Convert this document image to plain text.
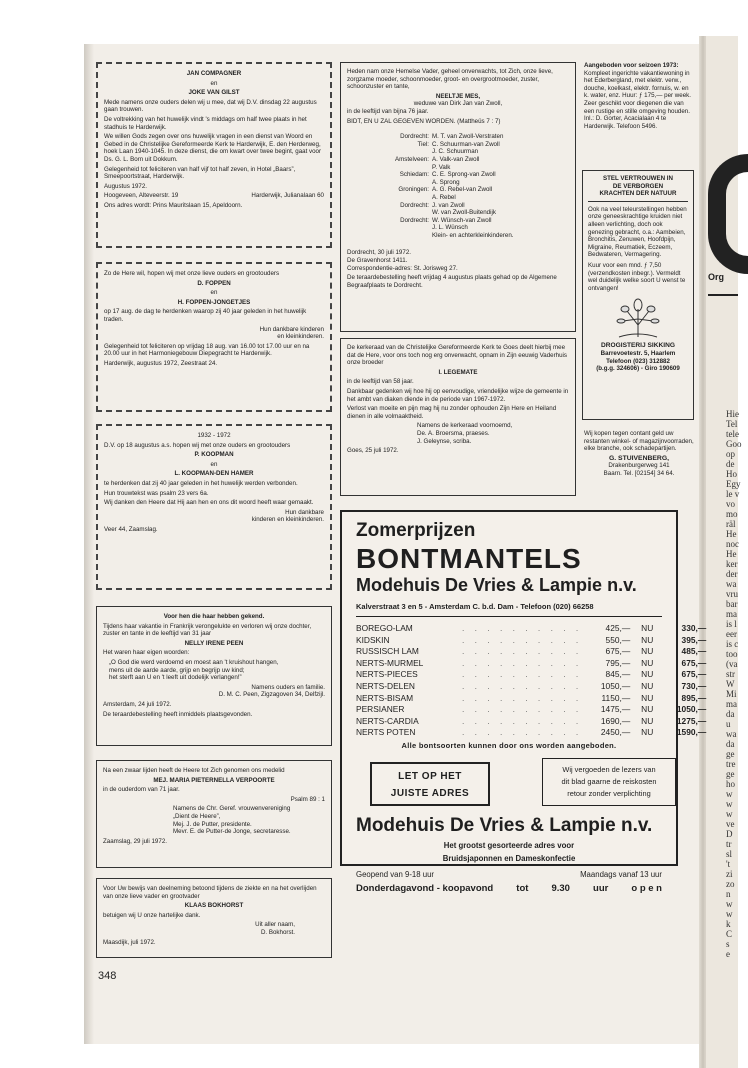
Org
Hie
Tel
tele
Goo
op
de
Ho
Egy
le v
vo
mo
räl
He
noc
He
ker
der
wa
vru
bar
ma
is l
eer
is c
too
(va
str
W
Mi
ma
da
u
wa
da
ge
tre
ge
ho
w
w
w
ve
D
tr
sl
't
zi
zo
n
w
w
k
C
s
e

JAN COMPAGNER

en

JOKE VAN GILST

Mede namens onze ouders delen wij u mee, dat wij D.V. dinsdag 22 augustus gaan trouwen.

De voltrekking van het huwelijk vindt 's middags om half twee plaats in het stadhuis te Harderwijk.

We willen Gods zegen over ons huwelijk vragen in een dienst van Woord en Gebed in de Christelijke Gereformeerde Kerk te Harderwijk, E. den Herderweg, hoek Laan 1940-1045. In deze dienst, die om kwart over twee begint, gaat voor Ds. G. L. Born uit Dokkum.

Gelegenheid tot feliciteren van half vijf tot half zeven, in Hotel „Baars”, Smeepoortstraat, Harderwijk.

Augustus 1972.

Hoogeveen, Alteveerstr. 19	Harderwijk, Julianalaan 60

Ons adres wordt: Prins Mauritslaan 15, Apeldoorn.

Zo de Here wil, hopen wij met onze lieve ouders en grootouders

D. FOPPEN

en

H. FOPPEN-JONGETJES

op 17 aug. de dag te herdenken waarop zij 40 jaar geleden in het huwelijk traden.

Hun dankbare kinderen

en kleinkinderen.

Gelegenheid tot feliciteren op vrijdag 18 aug. van 16.00 tot 17.00 uur en na 20.00 uur in het Harmoniegebouw Diepegracht te Harderwijk.

Harderwijk, augustus 1972, Zeestraat 24.

1932 - 1972

D.V. op 18 augustus a.s. hopen wij met onze ouders en grootouders

P. KOOPMAN

en

L. KOOPMAN-DEN HAMER

te herdenken dat zij 40 jaar geleden in het huwelijk werden verbonden.

Hun trouwtekst was psalm 23 vers 6a.

Wij danken den Heere dat Hij aan hen en ons dit woord heeft waar gemaakt.

Hun dankbare

kinderen en kleinkinderen.

Veer 44, Zaamslag.

Voor hen die haar hebben gekend.

Tijdens haar vakantie in Frankrijk verongelukte en verloren wij onze dochter, zuster en tante in de leeftijd van 31 jaar

NELLY IRENE PEEN

Het waren haar eigen woorden:

„O God die werd verdoemd en moest aan 't kruishout hangen,

mens uit de aarde aarde, grijp en begrijp uw kind;

het sterft aan U en 't leeft uit dodelijk verlangen!”

Namens ouders en familie.

D. M. C. Peen, Zigzagoven 34, Delfzijl.

Amsterdam, 24 juli 1972.

De teraardebestelling heeft inmiddels plaatsgevonden.

Na een zwaar lijden heeft de Heere tot Zich genomen ons medelid

MEJ. MARIA PIETERNELLA VERPOORTE

in de ouderdom van 71 jaar.

Psalm 89 : 1

Namens de Chr. Geref. vrouwenvereniging

„Dient de Heere”,

Mej. J. de Putter, presidente.

Mevr. E. de Putter-de Jonge, secretaresse.

Zaamslag, 29 juli 1972.

Voor Uw bewijs van deelneming betoond tijdens de ziekte en na het overlijden van onze lieve vader en grootvader

KLAAS BOKHORST

betuigen wij U onze hartelijke dank.

Uit aller naam,

D. Bokhorst.

Maasdijk, juli 1972.

Heden nam onze Hemelse Vader, geheel onverwachts, tot Zich, onze lieve, zorgzame moeder, schoonmoeder, groot- en overgrootmoeder, zuster, schoonzuster en tante,

NEELTJE MES,

weduwe van Dirk Jan van Zwoll,

in de leeftijd van bijna 76 jaar.

BIDT, EN U ZAL GEGEVEN WORDEN. (Mattheüs 7 : 7)

Dordrecht: M. T. van Zwoll-Verstraten
Tiel: C. Schuurman-van Zwoll
J. C. Schuurman
Amstelveen: A. Valk-van Zwoll
P. Valk
Schiedam: C. E. Sprong-van Zwoll
A. Sprong
Groningen: A. G. Rebel-van Zwoll
A. Rebel
Dordrecht: J. van Zwoll
W. van Zwoll-Buitendijk
Dordrecht: W. Wünsch-van Zwoll
J. L. Wünsch
Klein- en achterkleinkinderen.

Dordrecht, 30 juli 1972.

De Gravenhorst 1411.

Correspondentie-adres: St. Jorisweg 27.

De teraardebestelling heeft vrijdag 4 augustus plaats gehad op de Algemene Begraafplaats te Dordrecht.

De kerkeraad van de Christelijke Gereformeerde Kerk te Goes deelt hierbij mee dat de Here, voor ons toch nog erg onverwacht, opnam in Zijn eeuwig Vaderhuis onze broeder

I. LEGEMATE

in de leeftijd van 58 jaar.

Dankbaar gedenken wij hoe hij op eenvoudige, vriendelijke wijze de gemeente in het ambt van diaken diende in de periode van 1967-1972.

Verlost van moeite en pijn mag hij nu zonder ophouden Zijn Here en Heiland dienen in alle volmaaktheid.

Namens de kerkeraad voornoemd,

De. A. Broersma, praeses.

J. Geleynse, scriba.

Goes, 25 juli 1972.

Aangeboden voor seizoen 1973:

Kompleet ingerichte vakantiewoning in het Ederbergland, met elektr. verw., douche, koelkast, elektr. fornuis, w. en k. water, enz. Huur: ƒ 175,— per week. Zeer geschikt voor diegenen die van een rustige en stille omgeving houden.

Inl.: D. Gorter, Acacialaan 4 te Harderwijk. Telefoon 5496.

STEL VERTROUWEN IN

DE VERBORGEN

KRACHTEN DER NATUUR

Ook na veel teleurstellingen hebben onze geneeskrachtige kruiden niet alleen verlichting, doch ook genezing gebracht, o.a.: Aambeien, Bronchitis, Zenuwen, Hoofdpijn, Migraine, Reumatiek, Eczeem, Bedwateren, Vermagering.

Kuur voor een mnd. ƒ 7,50 (verzendkosten inbegr.). Vermeldt wel duidelijk welke soort U wenst te ontvangen!

DROGISTERIJ SIKKING

Barrevoetestr. 5, Haarlem

Telefoon (023) 312882

(b.g.g. 324606) - Giro 190609

Wij kopen tegen contant geld uw restanten winkel- of magazijnvoorraden, elke branche, ook schadepartijen.

G. STUIVENBERG,

Drakenburgerweg 141

Baarn. Tel. [02154] 34 64.

Zomerprijzen
BONTMANTELS
Modehuis De Vries & Lampie n.v.
Kalverstraat 3 en 5 - Amsterdam C. b.d. Dam - Telefoon (020) 66258
BOREGO-LAM	. . . . . . . . . .	425,—	NU	330,—
KIDSKIN	. . . . . . . . . .	550,—	NU	395,—
RUSSISCH LAM	. . . . . . . . . .	675,—	NU	485,—
NERTS-MURMEL	. . . . . . . . . .	795,—	NU	675,—
NERTS-PIECES	. . . . . . . . . .	845,—	NU	675,—
NERTS-DELEN	. . . . . . . . . .	1050,—	NU	730,—
NERTS-BISAM	. . . . . . . . . .	1150,—	NU	895,—
PERSIANER	. . . . . . . . . .	1475,—	NU	1050,—
NERTS-CARDIA	. . . . . . . . . .	1690,—	NU	1275,—
NERTS POTEN	. . . . . . . . . .	2450,—	NU	1590,—
Alle bontsoorten kunnen door ons worden aangeboden.
LET OP HET
JUISTE ADRES
Wij vergoeden de lezers van
dit blad gaarne de reiskosten
retour zonder verplichting
Modehuis De Vries & Lampie n.v.
Het grootst gesorteerde adres voor
Bruidsjaponnen en Dameskonfectie
Geopend van 9-18 uur	Maandags vanaf 13 uur
Donderdagavond - koopavond tot 9.30 uur o p e n
348
